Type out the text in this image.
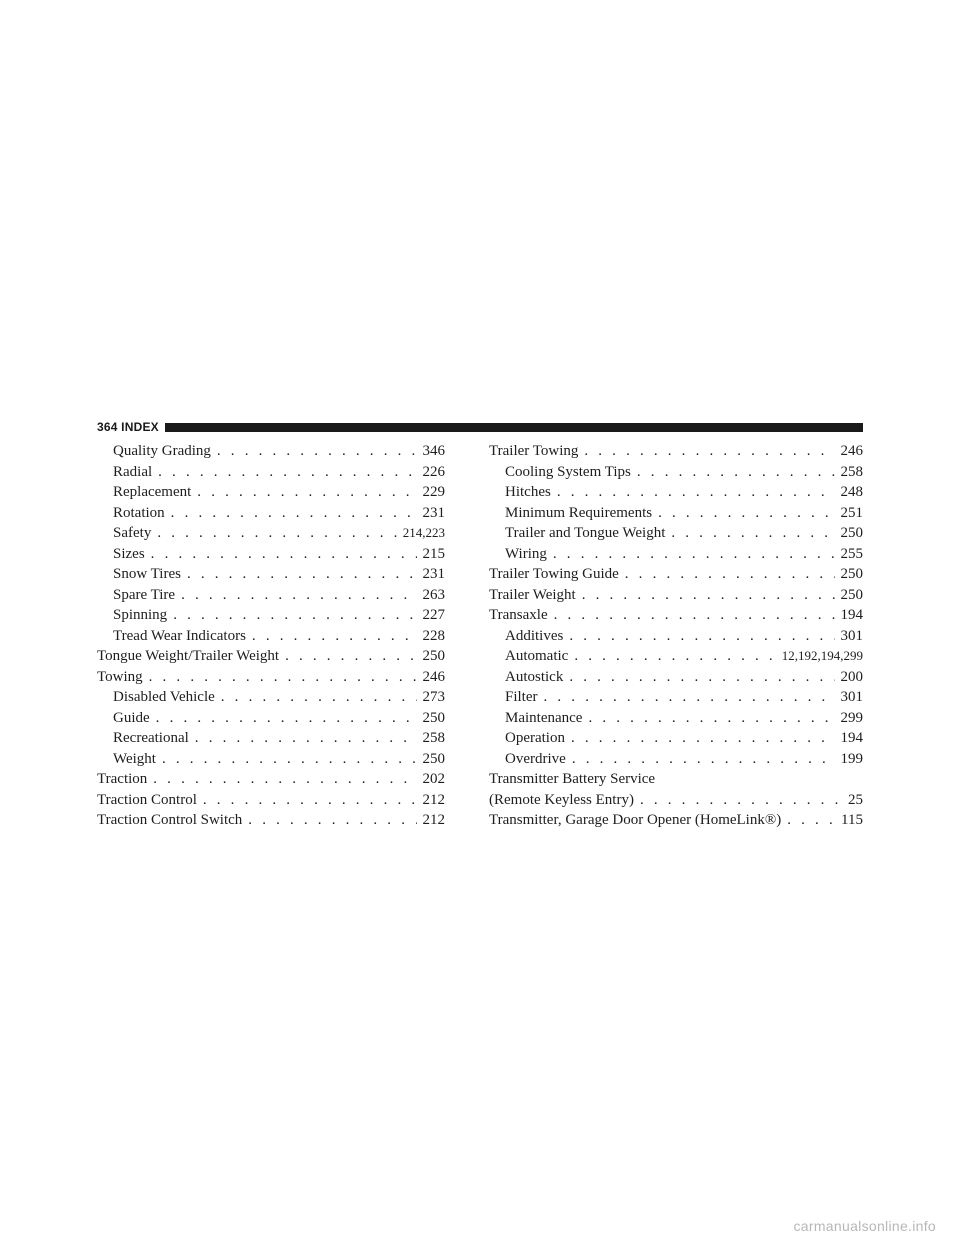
364 INDEX
Quality Grading . . .	346
Radial . . .	226
Replacement . . .	229
Rotation . . .	231
Safety . . .	214,223
Sizes . . .	215
Snow Tires . . .	231
Spare Tire . . .	263
Spinning . . .	227
Tread Wear Indicators . . .	228
Tongue Weight/Trailer Weight . . .	250
Towing . . .	246
Disabled Vehicle . . .	273
Guide . . .	250
Recreational . . .	258
Weight . . .	250
Traction . . .	202
Traction Control . . .	212
Traction Control Switch . . .	212
Trailer Towing . . .	246
Cooling System Tips . . .	258
Hitches . . .	248
Minimum Requirements . . .	251
Trailer and Tongue Weight . . .	250
Wiring . . .	255
Trailer Towing Guide . . .	250
Trailer Weight . . .	250
Transaxle . . .	194
Additives . . .	301
Automatic . . .	12,192,194,299
Autostick . . .	200
Filter . . .	301
Maintenance . . .	299
Operation . . .	194
Overdrive . . .	199
Transmitter Battery Service
(Remote Keyless Entry) . . .	25
Transmitter, Garage Door Opener (HomeLink®) . . .	115
carmanualsonline.info
